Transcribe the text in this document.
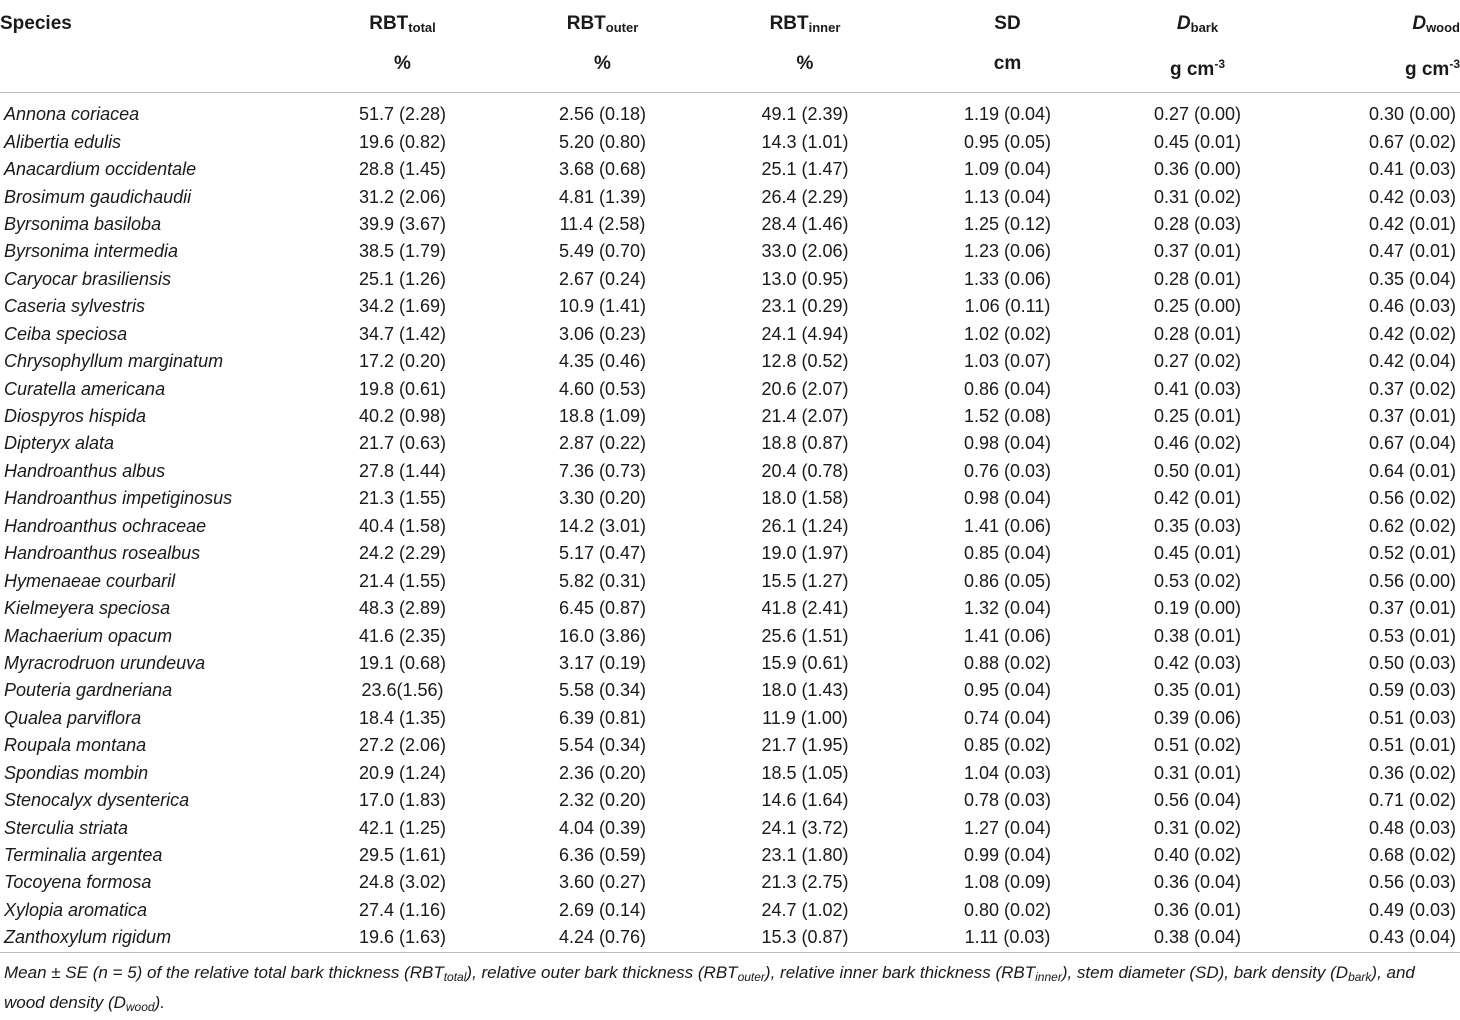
Species	$RBT_{total}$	$RBT_{outer}$	$RBT_{inner}$	SD	$D_{bark}$	$D_{wood}$
	%	%	%	cm	g $cm^{-3}$	g $cm^{-3}$

Annona coriacea	51.7 (2.28)	2.56 (0.18)	49.1 (2.39)	1.19 (0.04)	0.27 (0.00)	0.30 (0.00)
Alibertia edulis	19.6 (0.82)	5.20 (0.80)	14.3 (1.01)	0.95 (0.05)	0.45 (0.01)	0.67 (0.02)
Anacardium occidentale	28.8 (1.45)	3.68 (0.68)	25.1 (1.47)	1.09 (0.04)	0.36 (0.00)	0.41 (0.03)
Brosimum gaudichaudii	31.2 (2.06)	4.81 (1.39)	26.4 (2.29)	1.13 (0.04)	0.31 (0.02)	0.42 (0.03)
Byrsonima basiloba	39.9 (3.67)	11.4 (2.58)	28.4 (1.46)	1.25 (0.12)	0.28 (0.03)	0.42 (0.01)
Byrsonima intermedia	38.5 (1.79)	5.49 (0.70)	33.0 (2.06)	1.23 (0.06)	0.37 (0.01)	0.47 (0.01)
Caryocar brasiliensis	25.1 (1.26)	2.67 (0.24)	13.0 (0.95)	1.33 (0.06)	0.28 (0.01)	0.35 (0.04)
Caseria sylvestris	34.2 (1.69)	10.9 (1.41)	23.1 (0.29)	1.06 (0.11)	0.25 (0.00)	0.46 (0.03)
Ceiba speciosa	34.7 (1.42)	3.06 (0.23)	24.1 (4.94)	1.02 (0.02)	0.28 (0.01)	0.42 (0.02)
Chrysophyllum marginatum	17.2 (0.20)	4.35 (0.46)	12.8 (0.52)	1.03 (0.07)	0.27 (0.02)	0.42 (0.04)
Curatella americana	19.8 (0.61)	4.60 (0.53)	20.6 (2.07)	0.86 (0.04)	0.41 (0.03)	0.37 (0.02)
Diospyros hispida	40.2 (0.98)	18.8 (1.09)	21.4 (2.07)	1.52 (0.08)	0.25 (0.01)	0.37 (0.01)
Dipteryx alata	21.7 (0.63)	2.87 (0.22)	18.8 (0.87)	0.98 (0.04)	0.46 (0.02)	0.67 (0.04)
Handroanthus albus	27.8 (1.44)	7.36 (0.73)	20.4 (0.78)	0.76 (0.03)	0.50 (0.01)	0.64 (0.01)
Handroanthus impetiginosus	21.3 (1.55)	3.30 (0.20)	18.0 (1.58)	0.98 (0.04)	0.42 (0.01)	0.56 (0.02)
Handroanthus ochraceae	40.4 (1.58)	14.2 (3.01)	26.1 (1.24)	1.41 (0.06)	0.35 (0.03)	0.62 (0.02)
Handroanthus rosealbus	24.2 (2.29)	5.17 (0.47)	19.0 (1.97)	0.85 (0.04)	0.45 (0.01)	0.52 (0.01)
Hymenaeae courbaril	21.4 (1.55)	5.82 (0.31)	15.5 (1.27)	0.86 (0.05)	0.53 (0.02)	0.56 (0.00)
Kielmeyera speciosa	48.3 (2.89)	6.45 (0.87)	41.8 (2.41)	1.32 (0.04)	0.19 (0.00)	0.37 (0.01)
Machaerium opacum	41.6 (2.35)	16.0 (3.86)	25.6 (1.51)	1.41 (0.06)	0.38 (0.01)	0.53 (0.01)
Myracrodruon urundeuva	19.1 (0.68)	3.17 (0.19)	15.9 (0.61)	0.88 (0.02)	0.42 (0.03)	0.50 (0.03)
Pouteria gardneriana	23.6(1.56)	5.58 (0.34)	18.0 (1.43)	0.95 (0.04)	0.35 (0.01)	0.59 (0.03)
Qualea parviflora	18.4 (1.35)	6.39 (0.81)	11.9 (1.00)	0.74 (0.04)	0.39 (0.06)	0.51 (0.03)
Roupala montana	27.2 (2.06)	5.54 (0.34)	21.7 (1.95)	0.85 (0.02)	0.51 (0.02)	0.51 (0.01)
Spondias mombin	20.9 (1.24)	2.36 (0.20)	18.5 (1.05)	1.04 (0.03)	0.31 (0.01)	0.36 (0.02)
Stenocalyx dysenterica	17.0 (1.83)	2.32 (0.20)	14.6 (1.64)	0.78 (0.03)	0.56 (0.04)	0.71 (0.02)
Sterculia striata	42.1 (1.25)	4.04 (0.39)	24.1 (3.72)	1.27 (0.04)	0.31 (0.02)	0.48 (0.03)
Terminalia argentea	29.5 (1.61)	6.36 (0.59)	23.1 (1.80)	0.99 (0.04)	0.40 (0.02)	0.68 (0.02)
Tocoyena formosa	24.8 (3.02)	3.60 (0.27)	21.3 (2.75)	1.08 (0.09)	0.36 (0.04)	0.56 (0.03)
Xylopia aromatica	27.4 (1.16)	2.69 (0.14)	24.7 (1.02)	0.80 (0.02)	0.36 (0.01)	0.49 (0.03)
Zanthoxylum rigidum	19.6 (1.63)	4.24 (0.76)	15.3 (0.87)	1.11 (0.03)	0.38 (0.04)	0.43 (0.04)
Mean ± SE (n = 5) of the relative total bark thickness $(RBT_{total})$, relative outer bark thickness $(RBT_{outer})$, relative inner bark thickness $(RBT_{inner})$, stem diameter (SD), bark density $(D_{bark})$, and wood density $(D_{wood})$.
